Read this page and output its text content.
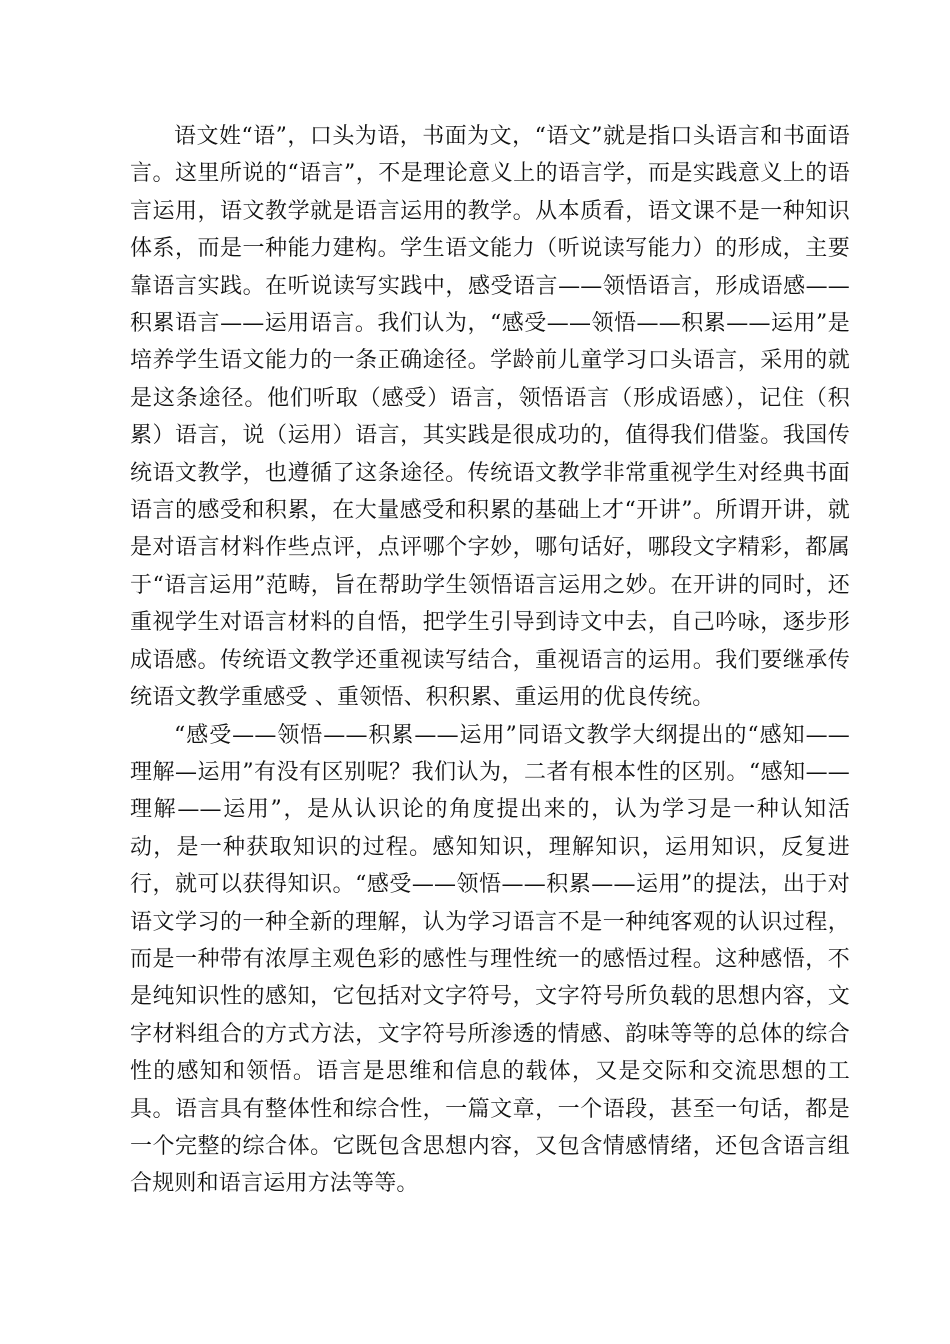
语文姓“语”，口头为语，书面为文，“语文”就是指口头语言和书面语言。这里所说的“语言”，不是理论意义上的语言学，而是实践意义上的语言运用，语文教学就是语言运用的教学。从本质看，语文课不是一种知识体系，而是一种能力建构。学生语文能力（听说读写能力）的形成，主要靠语言实践。在听说读写实践中，感受语言——领悟语言，形成语感——积累语言——运用语言。我们认为，“感受——领悟——积累——运用”是培养学生语文能力的一条正确途径。学龄前儿童学习口头语言，采用的就是这条途径。他们听取（感受）语言，领悟语言（形成语感），记住（积累）语言，说（运用）语言，其实践是很成功的，值得我们借鉴。我国传统语文教学，也遵循了这条途径。传统语文教学非常重视学生对经典书面语言的感受和积累，在大量感受和积累的基础上才“开讲”。所谓开讲，就是对语言材料作些点评，点评哪个字妙，哪句话好，哪段文字精彩，都属于“语言运用”范畴，旨在帮助学生领悟语言运用之妙。在开讲的同时，还重视学生对语言材料的自悟，把学生引导到诗文中去，自己吟咏，逐步形成语感。传统语文教学还重视读写结合，重视语言的运用。我们要继承传统语文教学重感受 、重领悟、积积累、重运用的优良传统。

“感受——领悟——积累——运用”同语文教学大纲提出的“感知——理解—运用”有没有区别呢？我们认为，二者有根本性的区别。“感知——理解——运用”，是从认识论的角度提出来的，认为学习是一种认知活动，是一种获取知识的过程。感知知识，理解知识，运用知识，反复进行，就可以获得知识。“感受——领悟——积累——运用”的提法，出于对语文学习的一种全新的理解，认为学习语言不是一种纯客观的认识过程，而是一种带有浓厚主观色彩的感性与理性统一的感悟过程。这种感悟，不是纯知识性的感知，它包括对文字符号，文字符号所负载的思想内容，文字材料组合的方式方法，文字符号所渗透的情感、韵味等等的总体的综合性的感知和领悟。语言是思维和信息的载体，又是交际和交流思想的工具。语言具有整体性和综合性，一篇文章，一个语段，甚至一句话，都是一个完整的综合体。它既包含思想内容，又包含情感情绪，还包含语言组合规则和语言运用方法等等。
